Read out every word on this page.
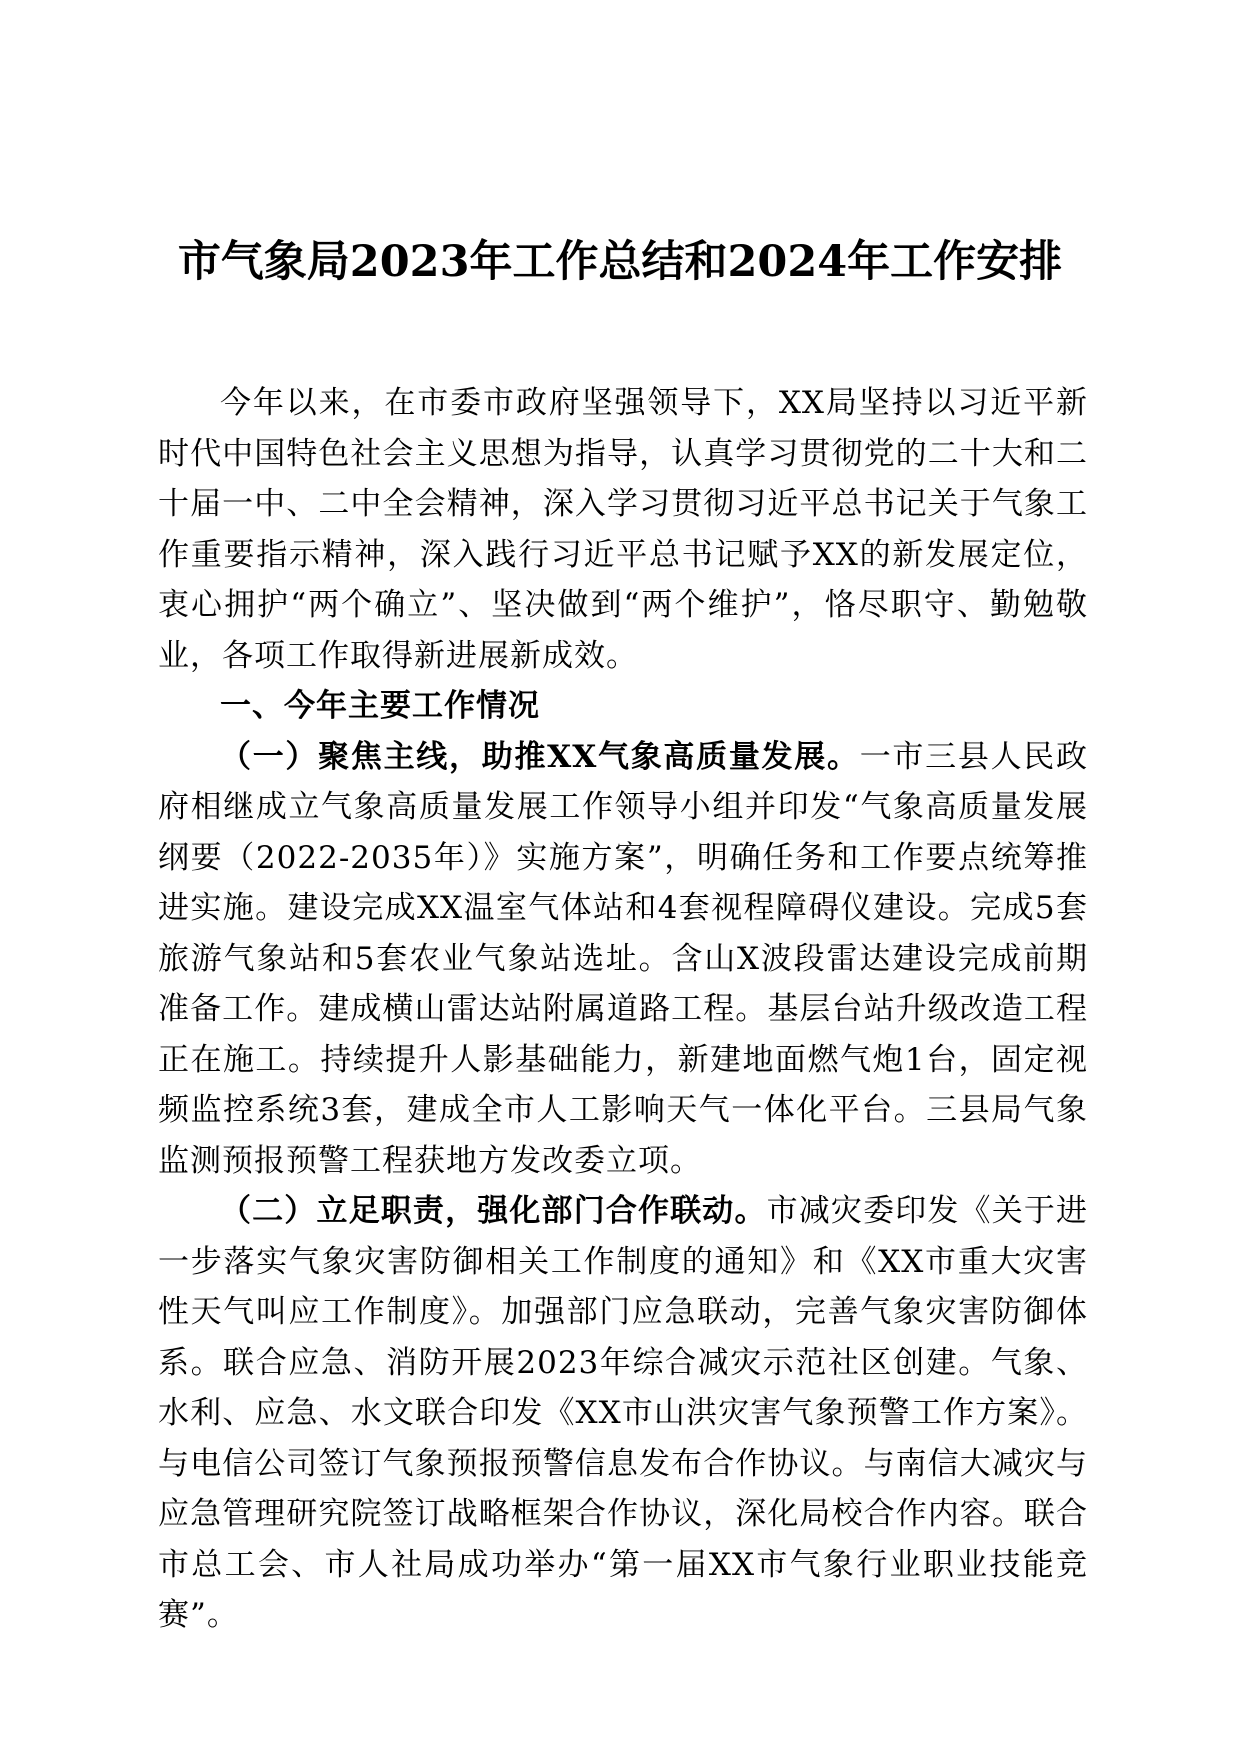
市气象局2023年工作总结和2024年工作安排

今年以来，在市委市政府坚强领导下，XX局坚持以习近平新时代中国特色社会主义思想为指导，认真学习贯彻党的二十大和二十届一中、二中全会精神，深入学习贯彻习近平总书记关于气象工作重要指示精神，深入践行习近平总书记赋予XX的新发展定位，衷心拥护“两个确立”、坚决做到“两个维护”，恪尽职守、勤勉敬业，各项工作取得新进展新成效。

一、今年主要工作情况

（一）聚焦主线，助推XX气象高质量发展。一市三县人民政府相继成立气象高质量发展工作领导小组并印发“气象高质量发展纲要（2022-2035年）》实施方案”，明确任务和工作要点统筹推进实施。建设完成XX温室气体站和4套视程障碍仪建设。完成5套旅游气象站和5套农业气象站选址。含山X波段雷达建设完成前期准备工作。建成横山雷达站附属道路工程。基层台站升级改造工程正在施工。持续提升人影基础能力，新建地面燃气炮1台，固定视频监控系统3套，建成全市人工影响天气一体化平台。三县局气象监测预报预警工程获地方发改委立项。

（二）立足职责，强化部门合作联动。市减灾委印发《关于进一步落实气象灾害防御相关工作制度的通知》和《XX市重大灾害性天气叫应工作制度》。加强部门应急联动，完善气象灾害防御体系。联合应急、消防开展2023年综合减灾示范社区创建。气象、水利、应急、水文联合印发《XX市山洪灾害气象预警工作方案》。与电信公司签订气象预报预警信息发布合作协议。与南信大减灾与应急管理研究院签订战略框架合作协议，深化局校合作内容。联合市总工会、市人社局成功举办“第一届XX市气象行业职业技能竞赛”。
